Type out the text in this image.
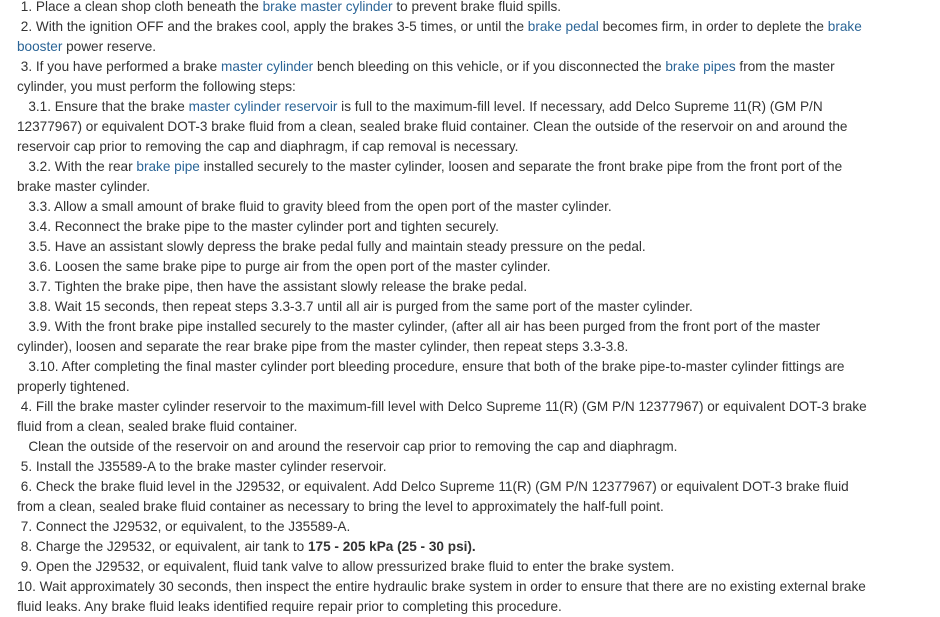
1. Place a clean shop cloth beneath the brake master cylinder to prevent brake fluid spills.

2. With the ignition OFF and the brakes cool, apply the brakes 3-5 times, or until the brake pedal becomes firm, in order to deplete the brake booster power reserve.

3. If you have performed a brake master cylinder bench bleeding on this vehicle, or if you disconnected the brake pipes from the master cylinder, you must perform the following steps:

3.1. Ensure that the brake master cylinder reservoir is full to the maximum-fill level. If necessary, add Delco Supreme 11(R) (GM P/N 12377967) or equivalent DOT-3 brake fluid from a clean, sealed brake fluid container. Clean the outside of the reservoir on and around the reservoir cap prior to removing the cap and diaphragm, if cap removal is necessary.

3.2. With the rear brake pipe installed securely to the master cylinder, loosen and separate the front brake pipe from the front port of the brake master cylinder.

3.3. Allow a small amount of brake fluid to gravity bleed from the open port of the master cylinder.

3.4. Reconnect the brake pipe to the master cylinder port and tighten securely.

3.5. Have an assistant slowly depress the brake pedal fully and maintain steady pressure on the pedal.

3.6. Loosen the same brake pipe to purge air from the open port of the master cylinder.

3.7. Tighten the brake pipe, then have the assistant slowly release the brake pedal.

3.8. Wait 15 seconds, then repeat steps 3.3-3.7 until all air is purged from the same port of the master cylinder.

3.9. With the front brake pipe installed securely to the master cylinder, (after all air has been purged from the front port of the master cylinder), loosen and separate the rear brake pipe from the master cylinder, then repeat steps 3.3-3.8.

3.10. After completing the final master cylinder port bleeding procedure, ensure that both of the brake pipe-to-master cylinder fittings are properly tightened.

4. Fill the brake master cylinder reservoir to the maximum-fill level with Delco Supreme 11(R) (GM P/N 12377967) or equivalent DOT-3 brake fluid from a clean, sealed brake fluid container.

Clean the outside of the reservoir on and around the reservoir cap prior to removing the cap and diaphragm.

5. Install the J35589-A to the brake master cylinder reservoir.

6. Check the brake fluid level in the J29532, or equivalent. Add Delco Supreme 11(R) (GM P/N 12377967) or equivalent DOT-3 brake fluid from a clean, sealed brake fluid container as necessary to bring the level to approximately the half-full point.

7. Connect the J29532, or equivalent, to the J35589-A.

8. Charge the J29532, or equivalent, air tank to 175 - 205 kPa (25 - 30 psi).

9. Open the J29532, or equivalent, fluid tank valve to allow pressurized brake fluid to enter the brake system.

10. Wait approximately 30 seconds, then inspect the entire hydraulic brake system in order to ensure that there are no existing external brake fluid leaks. Any brake fluid leaks identified require repair prior to completing this procedure.
